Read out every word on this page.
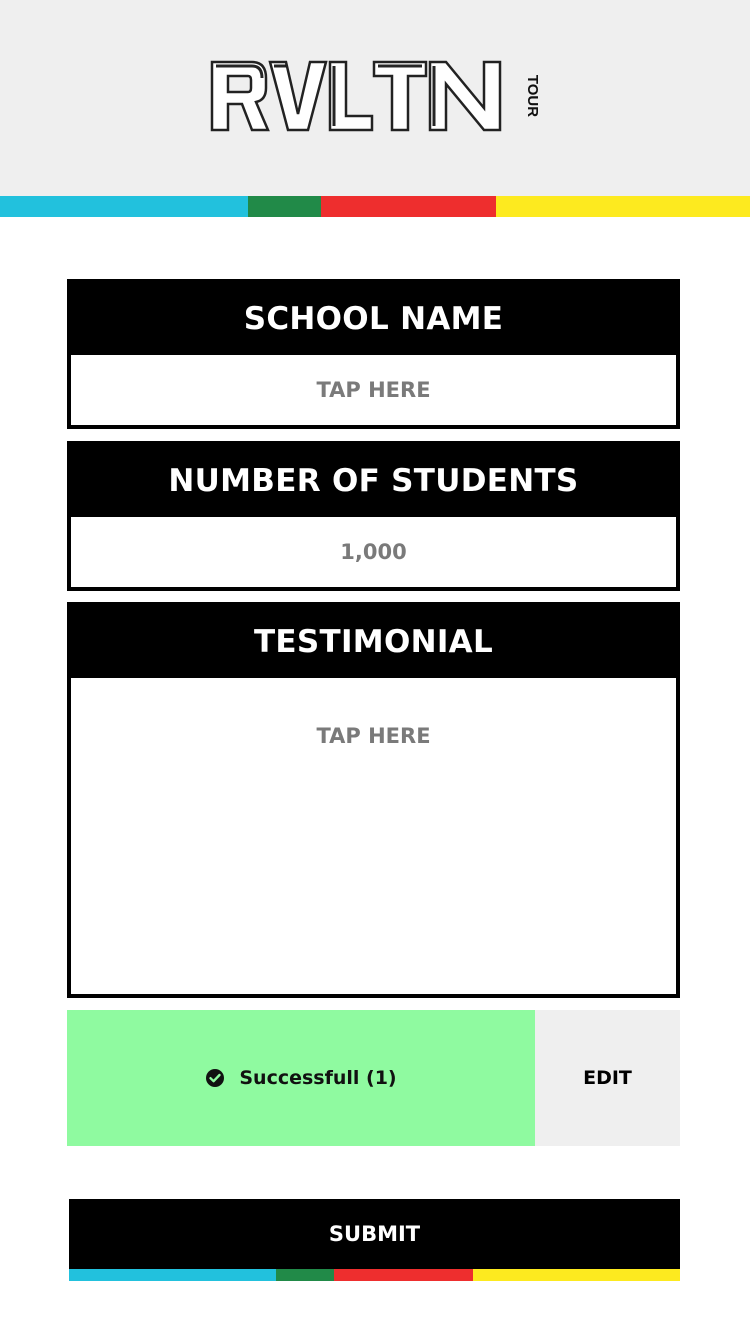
TOUR
SCHOOL NAME
TAP HERE
NUMBER OF STUDENTS
1,000
TESTIMONIAL
TAP HERE
Successfull (1)	EDIT
SUBMIT
